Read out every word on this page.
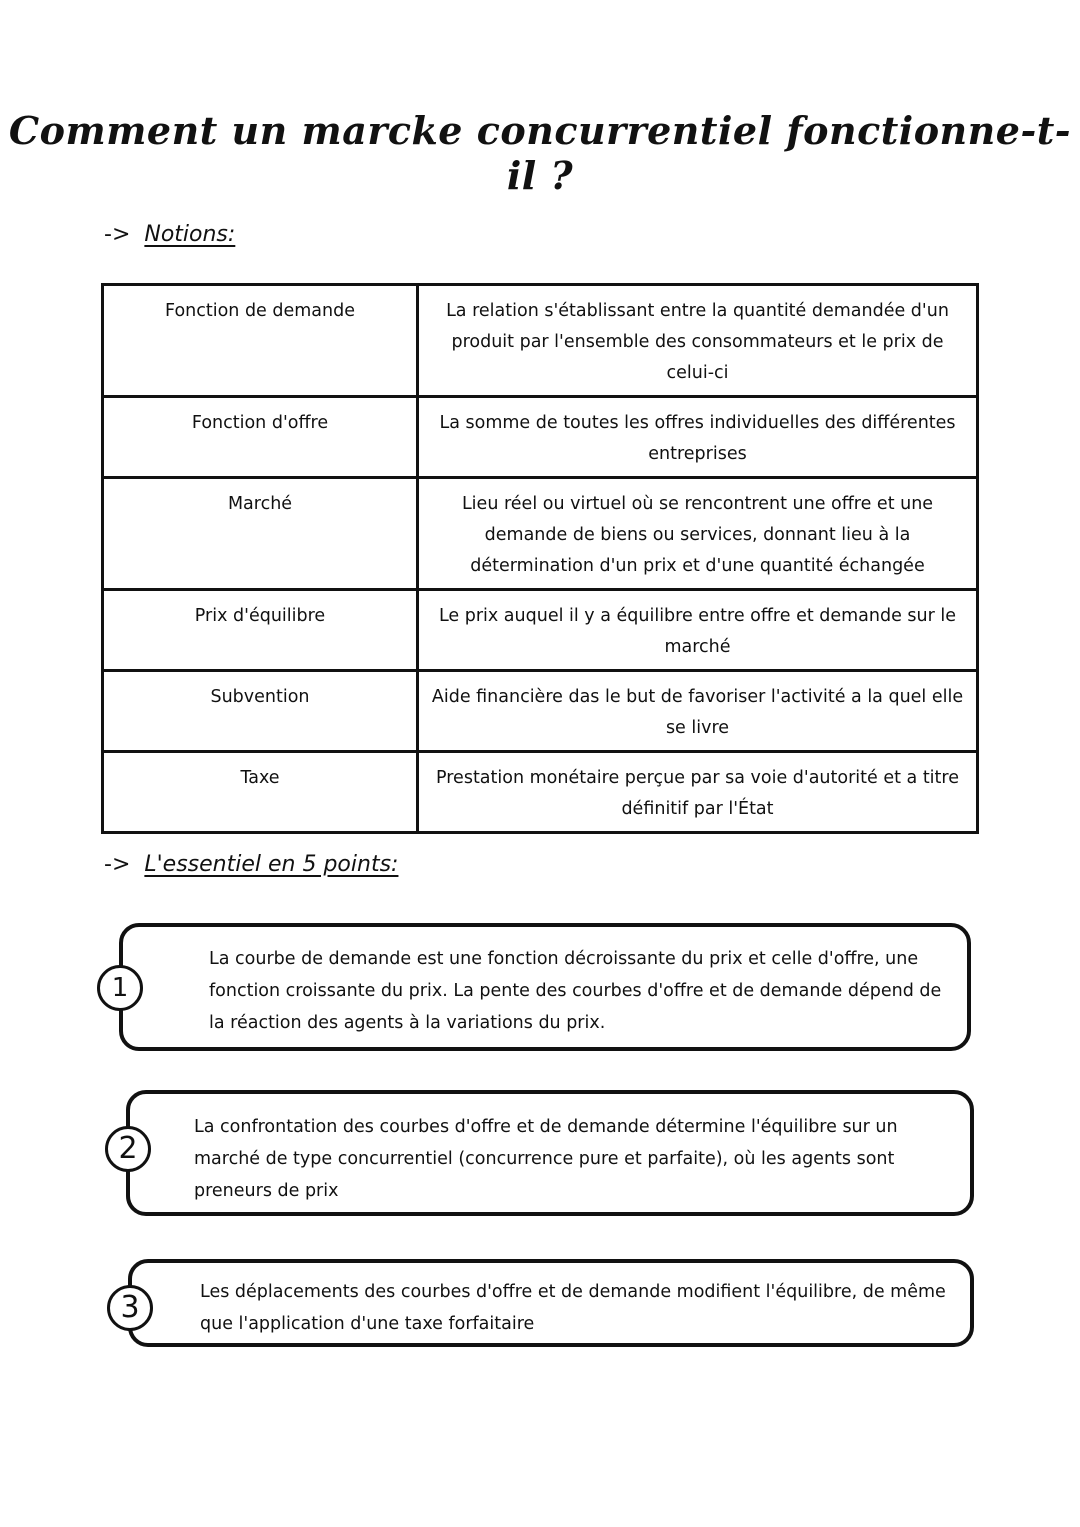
Comment un marcke concurrentiel fonctionne-t-il ?
-> Notions:
Fonction de demande	La relation s'établissant entre la quantité demandée d'un produit par l'ensemble des consommateurs et le prix de celui-ci
Fonction d'offre	La somme de toutes les offres individuelles des différentes entreprises
Marché	Lieu réel ou virtuel où se rencontrent une offre et une demande de biens ou services, donnant lieu à la détermination d'un prix et d'une quantité échangée
Prix d'équilibre	Le prix auquel il y a équilibre entre offre et demande sur le marché
Subvention	Aide financière das le but de favoriser l'activité a la quel elle se livre
Taxe	Prestation monétaire perçue par sa voie d'autorité et a titre définitif par l'État
-> L'essentiel en 5 points:

La courbe de demande est une fonction décroissante du prix et celle d'offre, une fonction croissante du prix. La pente des courbes d'offre et de demande dépend de la réaction des agents à la variations du prix.

1

La confrontation des courbes d'offre et de demande détermine l'équilibre sur un marché de type concurrentiel (concurrence pure et parfaite), où les agents sont preneurs de prix

2

Les déplacements des courbes d'offre et de demande modifient l'équilibre, de même que l'application d'une taxe forfaitaire

3
